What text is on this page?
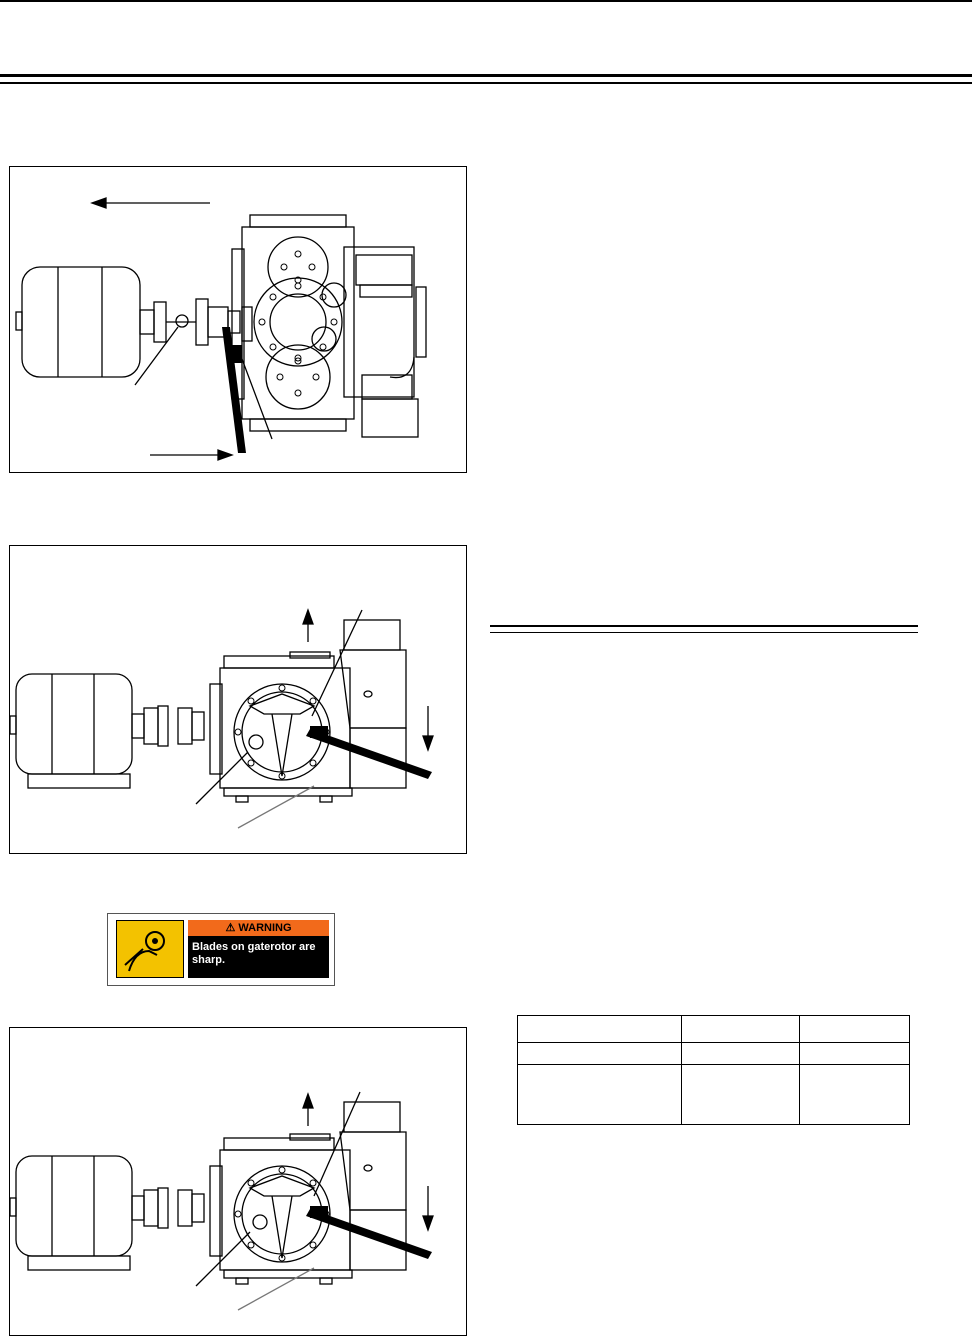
⚠ WARNING
Blades on gaterotor are sharp.
